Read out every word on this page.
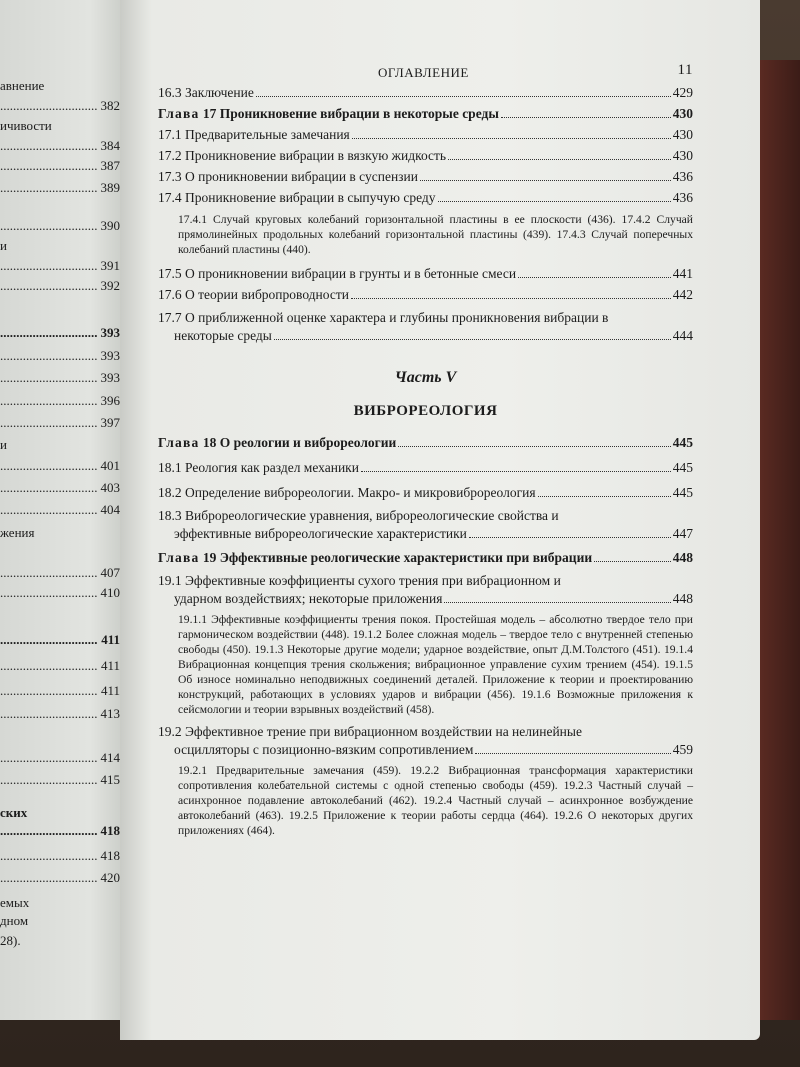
авнение
.............................. 382
ичивости
.............................. 384
.............................. 387
.............................. 389
.............................. 390
и
.............................. 391
.............................. 392
.............................. 393
.............................. 393
.............................. 393
.............................. 396
.............................. 397
и
.............................. 401
.............................. 403
.............................. 404
жения
.............................. 407
.............................. 410
.............................. 411
.............................. 411
.............................. 411
.............................. 413
.............................. 414
.............................. 415
ских
.............................. 418
.............................. 418
.............................. 420
емых
дном
28).
ОГЛАВЛЕНИЕ	11
16.3 Заключение	429
Глава 17 Проникновение вибрации в некоторые среды	430
17.1 Предварительные замечания	430
17.2 Проникновение вибрации в вязкую жидкость	430
17.3 О проникновении вибрации в суспензии	436
17.4 Проникновение вибрации в сыпучую среду	436
17.4.1 Случай круговых колебаний горизонтальной пластины в ее плоскости (436). 17.4.2 Случай прямолинейных продольных колебаний горизонтальной пластины (439). 17.4.3 Случай поперечных колебаний пластины (440).
17.5 О проникновении вибрации в грунты и в бетонные смеси	441
17.6 О теории вибропроводности	442
17.7 О приближенной оценке характера и глубины проникновения вибрации в
некоторые среды	444
Часть V
ВИБРОРЕОЛОГИЯ
Глава 18 О реологии и виброреологии	445
18.1 Реология как раздел механики	445
18.2 Определение виброреологии. Макро- и микровиброреология	445
18.3 Виброреологические уравнения, виброреологические свойства и
эффективные виброреологические характеристики	447
Глава 19 Эффективные реологические характеристики при вибрации	448
19.1 Эффективные коэффициенты сухого трения при вибрационном и
ударном воздействиях; некоторые приложения	448
19.1.1 Эффективные коэффициенты трения покоя. Простейшая модель – абсолютно твердое тело при гармоническом воздействии (448). 19.1.2 Более сложная модель – твердое тело с внутренней степенью свободы (450). 19.1.3 Некоторые другие модели; ударное воздействие, опыт Д.М.Толстого (451). 19.1.4 Вибрационная концепция трения скольжения; вибрационное управление сухим трением (454). 19.1.5 Об износе номинально неподвижных соединений деталей. Приложение к теории и проектированию конструкций, работающих в условиях ударов и вибрации (456). 19.1.6 Возможные приложения к сейсмологии и теории взрывных воздействий (458).
19.2 Эффективное трение при вибрационном воздействии на нелинейные
осцилляторы с позиционно-вязким сопротивлением	459
19.2.1 Предварительные замечания (459). 19.2.2 Вибрационная трансформация характеристики сопротивления колебательной системы с одной степенью свободы (459). 19.2.3 Частный случай – асинхронное подавление автоколебаний (462). 19.2.4 Частный случай – асинхронное возбуждение автоколебаний (463). 19.2.5 Приложение к теории работы сердца (464). 19.2.6 О некоторых других приложениях (464).
